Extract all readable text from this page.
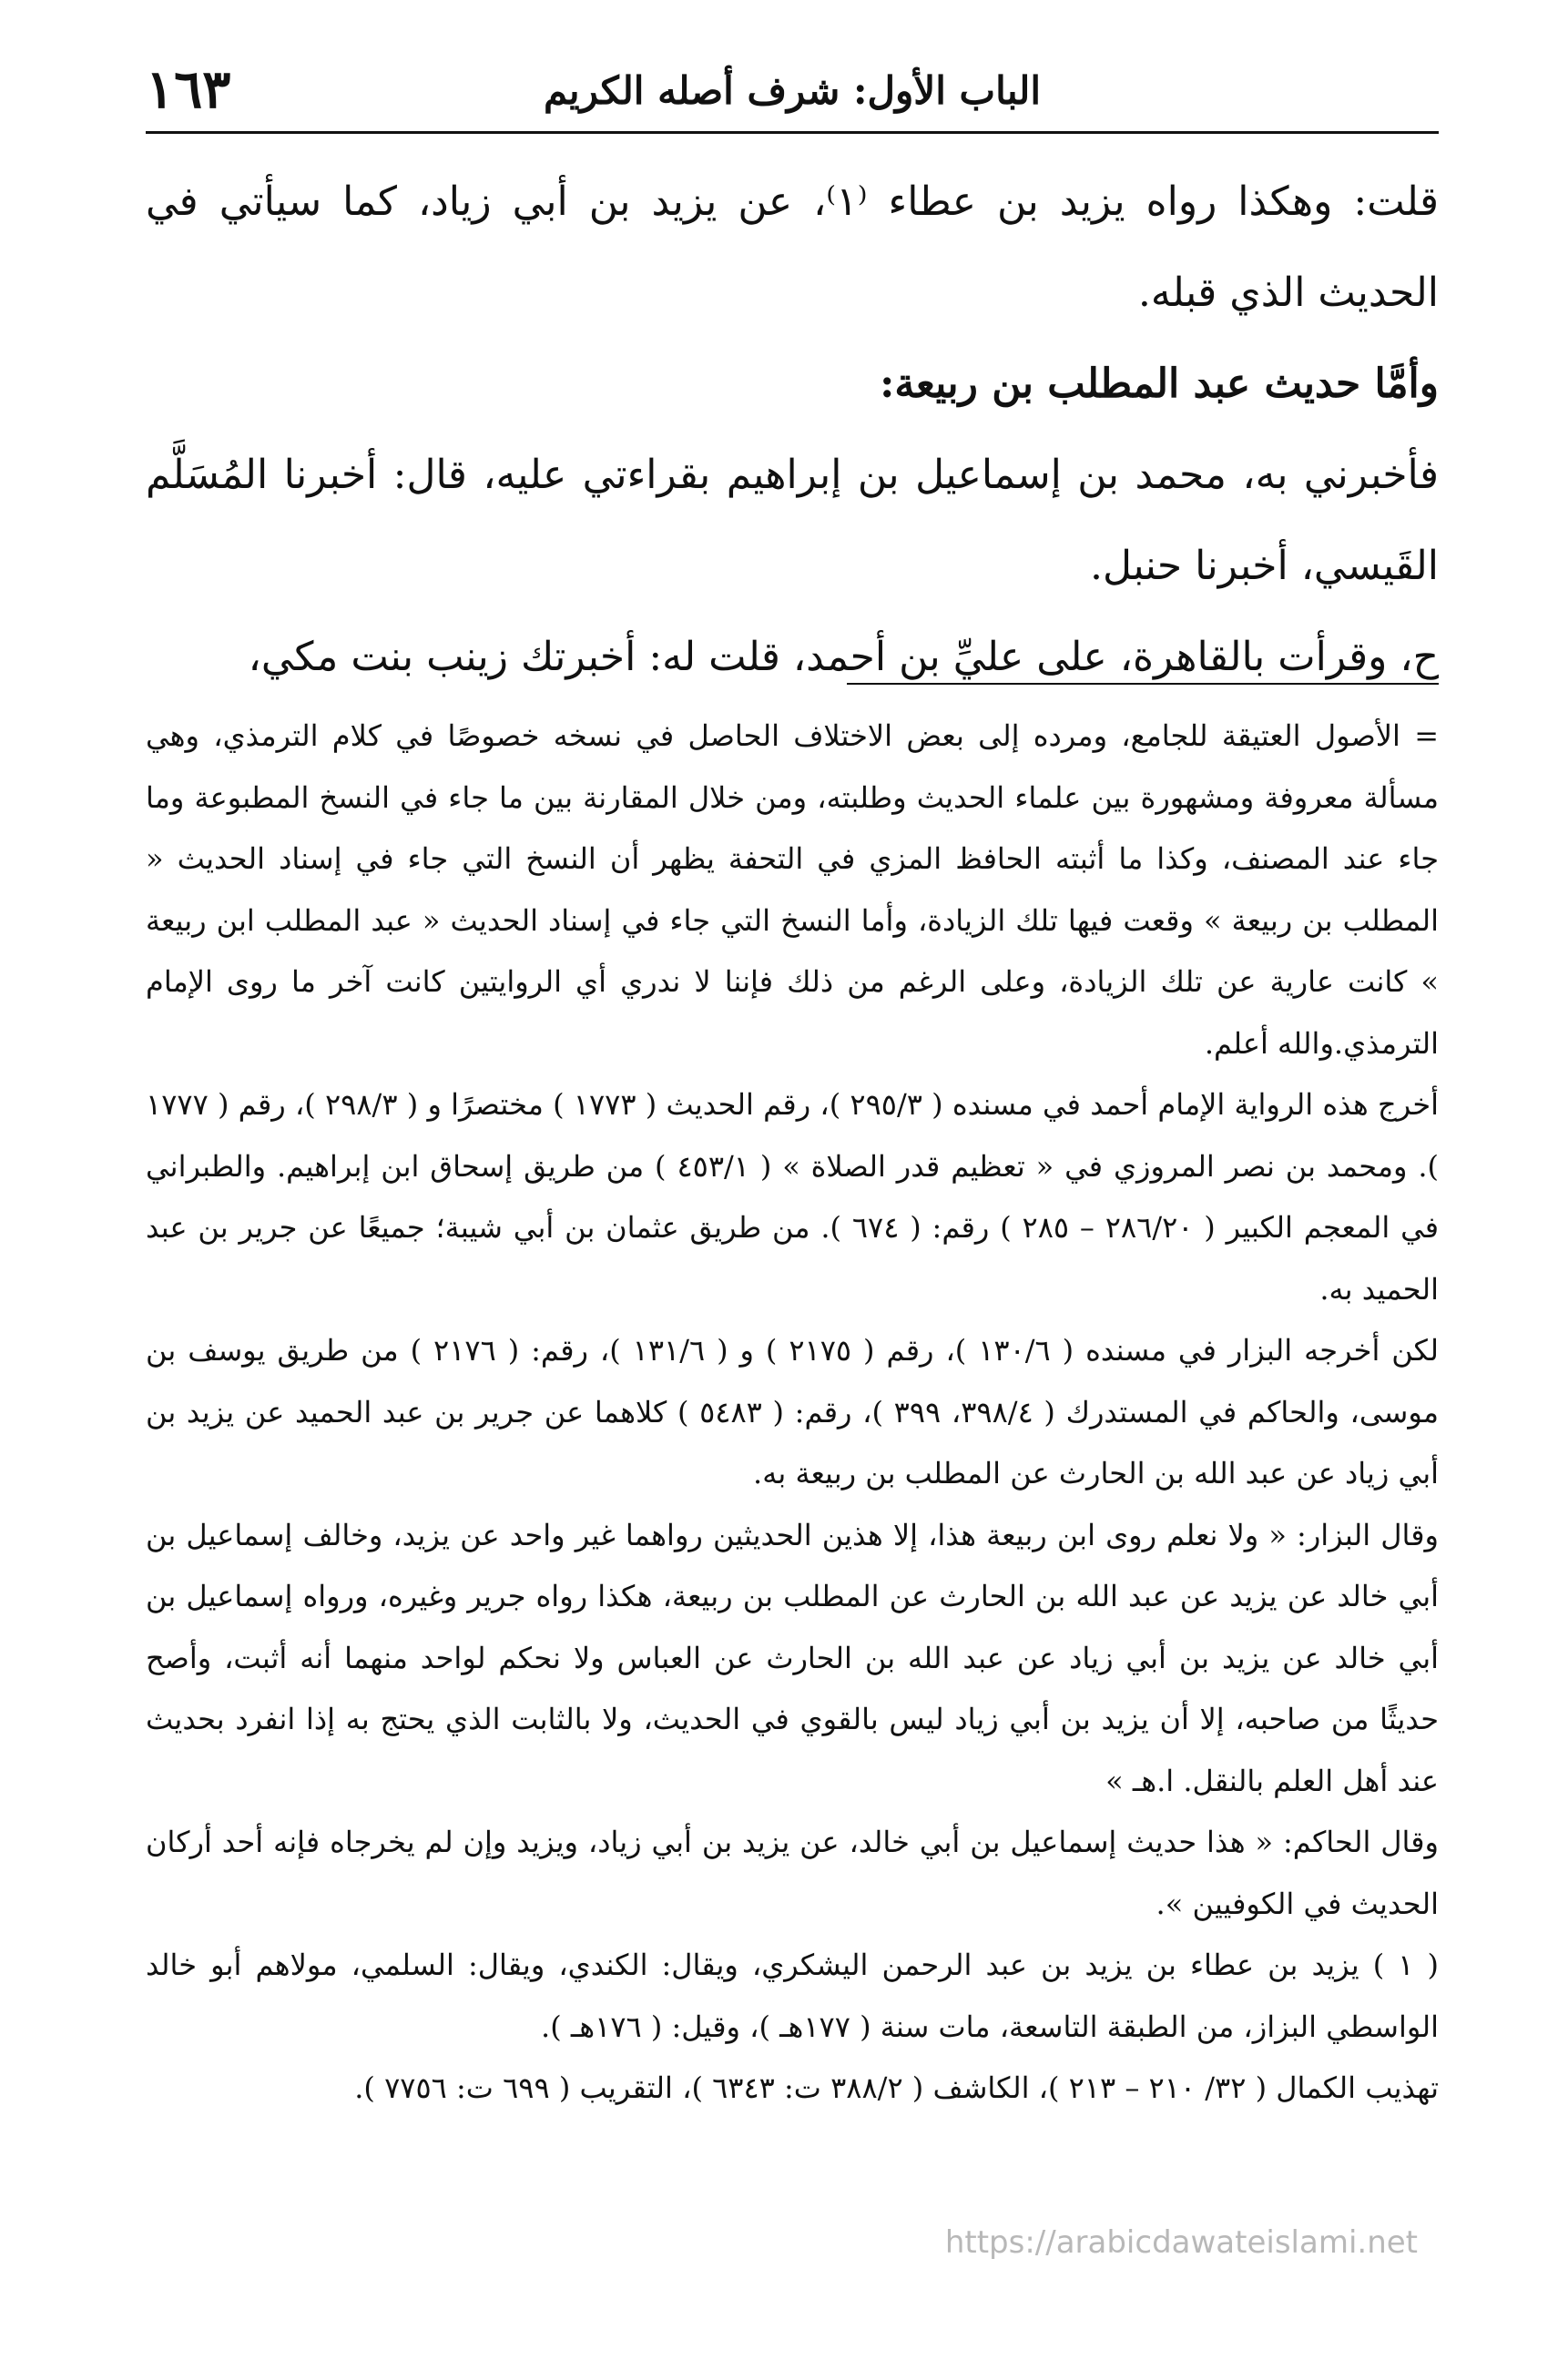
الباب الأول: شرف أصله الكريم
١٦٣

قلت: وهكذا رواه يزيد بن عطاء ⁽١⁾، عن يزيد بن أبي زياد، كما سيأتي في الحديث الذي قبله.

وأمَّا حديث عبد المطلب بن ربيعة:

فأخبرني به، محمد بن إسماعيل بن إبراهيم بقراءتي عليه، قال: أخبرنا المُسَلَّم القَيسي، أخبرنا حنبل.

ح، وقرأت بالقاهرة، على عليِّ بن أحمد، قلت له: أخبرتك زينب بنت مكي،

= الأصول العتيقة للجامع، ومرده إلى بعض الاختلاف الحاصل في نسخه خصوصًا في كلام الترمذي، وهي مسألة معروفة ومشهورة بين علماء الحديث وطلبته، ومن خلال المقارنة بين ما جاء في النسخ المطبوعة وما جاء عند المصنف، وكذا ما أثبته الحافظ المزي في التحفة يظهر أن النسخ التي جاء في إسناد الحديث « المطلب بن ربيعة » وقعت فيها تلك الزيادة، وأما النسخ التي جاء في إسناد الحديث « عبد المطلب ابن ربيعة » كانت عارية عن تلك الزيادة، وعلى الرغم من ذلك فإننا لا ندري أي الروايتين كانت آخر ما روى الإمام الترمذي.والله أعلم.

أخرج هذه الرواية الإمام أحمد في مسنده ( ٢٩٥/٣ )، رقم الحديث ( ١٧٧٣ ) مختصرًا و ( ٢٩٨/٣ )، رقم ( ١٧٧٧ ). ومحمد بن نصر المروزي في « تعظيم قدر الصلاة » ( ٤٥٣/١ ) من طريق إسحاق ابن إبراهيم. والطبراني في المعجم الكبير ( ٢٨٦/٢٠ – ٢٨٥ ) رقم: ( ٦٧٤ ). من طريق عثمان بن أبي شيبة؛ جميعًا عن جرير بن عبد الحميد به.

لكن أخرجه البزار في مسنده ( ١٣٠/٦ )، رقم ( ٢١٧٥ ) و ( ١٣١/٦ )، رقم: ( ٢١٧٦ ) من طريق يوسف بن موسى، والحاكم في المستدرك ( ٣٩٨/٤، ٣٩٩ )، رقم: ( ٥٤٨٣ ) كلاهما عن جرير بن عبد الحميد عن يزيد بن أبي زياد عن عبد الله بن الحارث عن المطلب بن ربيعة به.

وقال البزار: « ولا نعلم روى ابن ربيعة هذا، إلا هذين الحديثين رواهما غير واحد عن يزيد، وخالف إسماعيل بن أبي خالد عن يزيد عن عبد الله بن الحارث عن المطلب بن ربيعة، هكذا رواه جرير وغيره، ورواه إسماعيل بن أبي خالد عن يزيد بن أبي زياد عن عبد الله بن الحارث عن العباس ولا نحكم لواحد منهما أنه أثبت، وأصح حديثًا من صاحبه، إلا أن يزيد بن أبي زياد ليس بالقوي في الحديث، ولا بالثابت الذي يحتج به إذا انفرد بحديث عند أهل العلم بالنقل. ا.هـ »

وقال الحاكم: « هذا حديث إسماعيل بن أبي خالد، عن يزيد بن أبي زياد، ويزيد وإن لم يخرجاه فإنه أحد أركان الحديث في الكوفيين ».

( ١ ) يزيد بن عطاء بن يزيد بن عبد الرحمن اليشكري، ويقال: الكندي، ويقال: السلمي، مولاهم أبو خالد الواسطي البزاز، من الطبقة التاسعة، مات سنة ( ١٧٧هـ )، وقيل: ( ١٧٦هـ ).

تهذيب الكمال ( ٣٢/ ٢١٠ – ٢١٣ )، الكاشف ( ٣٨٨/٢ ت: ٦٣٤٣ )، التقريب ( ٦٩٩ ت: ٧٧٥٦ ).

https://arabicdawateislami.net
